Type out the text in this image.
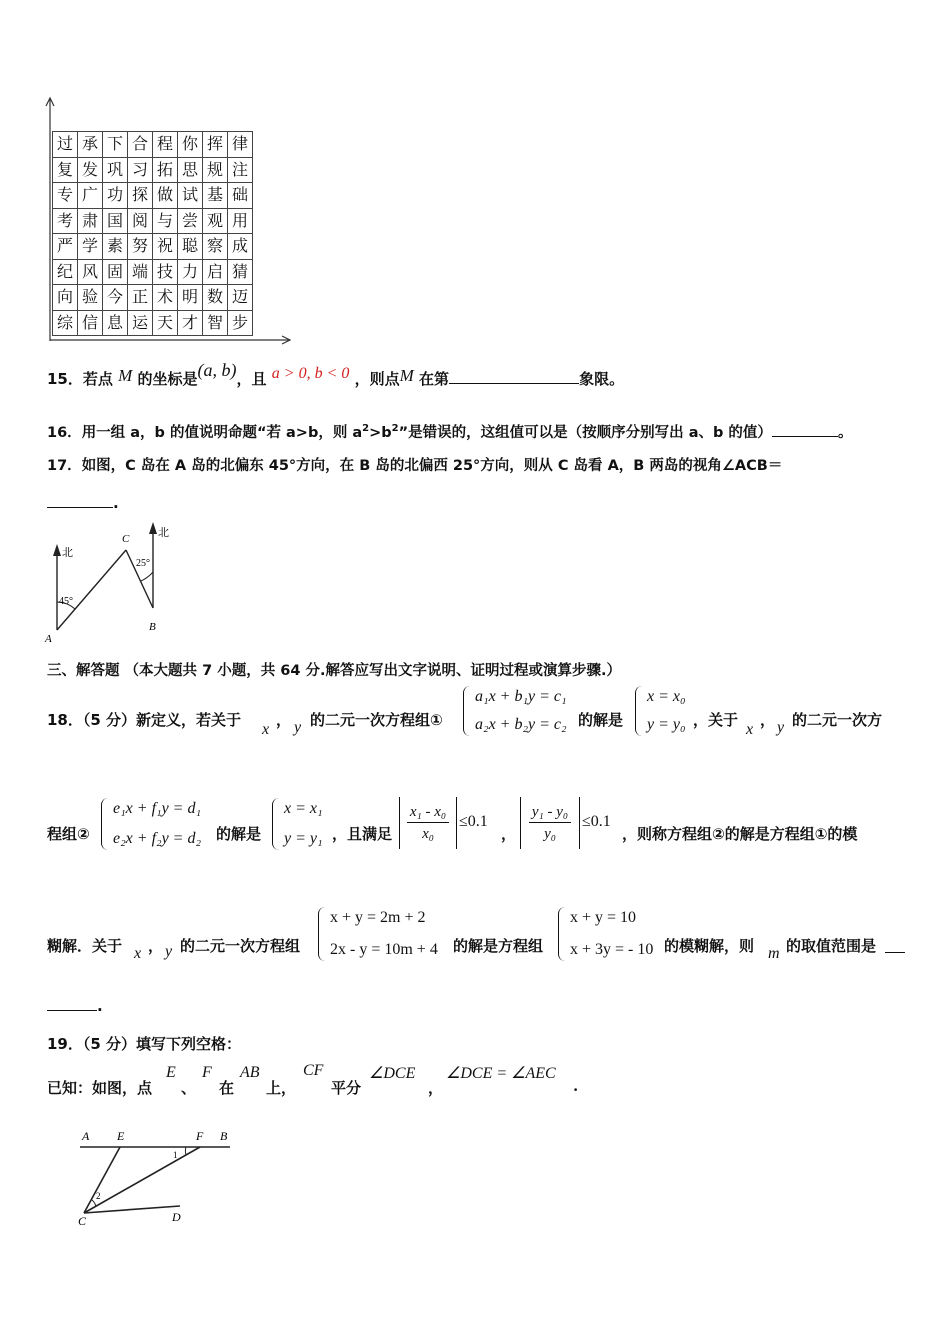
过	承	下	合	程	你	挥	律
复	发	巩	习	拓	思	规	注
专	广	功	探	做	试	基	础
考	肃	国	阅	与	尝	观	用
严	学	素	努	祝	聪	察	成
纪	风	固	端	技	力	启	猜
向	验	今	正	术	明	数	迈
综	信	息	运	天	才	智	步
15．若点 M 的坐标是(a, b)，且 a > 0, b < 0 ，则点M 在第	象限。
16．用一组 a，b 的值说明命题“若 a>b，则 $a^2>b^2$”是错误的，这组值可以是（按顺序分别写出 a、b 的值）	。
17．如图，C 岛在 A 岛的北偏东 45°方向，在 B 岛的北偏西 25°方向，则从 C 岛看 A，B 两岛的视角∠ACB＝
.
北
北
45°
25°
C
A
B
三、解答题 （本大题共 7 小题，共 64 分.解答应写出文字说明、证明过程或演算步骤.）
18．（5 分）新定义，若关于
x
， y 的二元一次方程组①
a₁x + b₁y = c₁
a₂x + b₂y = c₂ 的解是
x = x₀
y = y₀ ，关于
x
， y 的二元一次方
程组②
e₁x + f₁y = d₁
e₂x + f₂y = d₂ 的解是
x = x₁
y = y₁ ，且满足 $\frac{\text{x₁ - x₀}}{\text{x₀}} \le 0.1$
， $\frac{\text{y₁ - y₀}}{\text{y₀}} \le 0.1$
，则称方程组②的解是方程组①的模
糊解．关于 x ， y 的二元一次方程组
x + y = 2m + 2
2x - y = 10m + 4 的解是方程组
x + y = 10
x + 3y = - 10 的模糊解，则 m 的取值范围是
.
19．（5 分）填写下列空格：
已知：如图，点
E
、
F
在
AB
上，
CF
平分
∠DCE
，
∠DCE = ∠AEC
.
A E	F B
C	D
1
2
